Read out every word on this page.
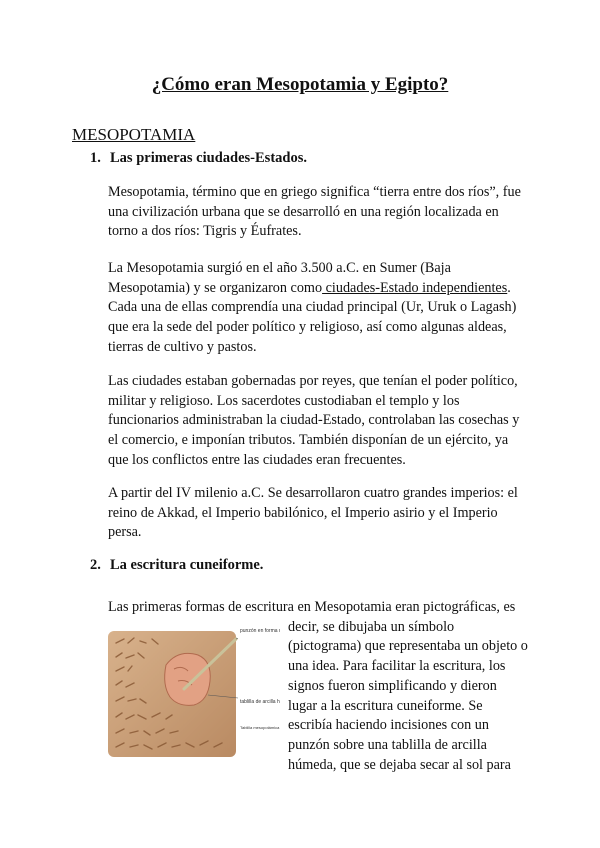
¿Cómo eran Mesopotamia y Egipto?
MESOPOTAMIA
1. Las primeras ciudades-Estados.

Mesopotamia, término que en griego significa “tierra entre dos ríos”, fue una civilización urbana que se desarrolló en una región localizada en torno a dos ríos: Tigris y Éufrates.

La Mesopotamia surgió en el año 3.500 a.C. en Sumer (Baja Mesopotamia) y se organizaron como ciudades-Estado independientes. Cada una de ellas comprendía una ciudad principal (Ur, Uruk o Lagash) que era la sede del poder político y religioso, así como algunas aldeas, tierras de cultivo y pastos.

Las ciudades estaban gobernadas por reyes, que tenían el poder político, militar y religioso. Los sacerdotes custodiaban el templo y los funcionarios administraban la ciudad-Estado, controlaban las cosechas y el comercio, e imponían tributos. También disponían de un ejército, ya que los conflictos entre las ciudades eran frecuentes.

A partir del IV milenio a.C. Se desarrollaron cuatro grandes imperios: el reino de Akkad, el Imperio babilónico, el Imperio asirio y el Imperio persa.

2. La escritura cuneiforme.

Las primeras formas de escritura en Mesopotamia eran pictográficas, es

punzón en forma
tablilla de arcilla h
Tablilla mesopotámica

decir, se dibujaba un símbolo
(pictograma) que representaba un objeto o
una idea. Para facilitar la escritura, los
signos fueron simplificando y dieron
lugar a la escritura cuneiforme. Se
escribía haciendo incisiones con un
punzón sobre una tablilla de arcilla
húmeda, que se dejaba secar al sol para
